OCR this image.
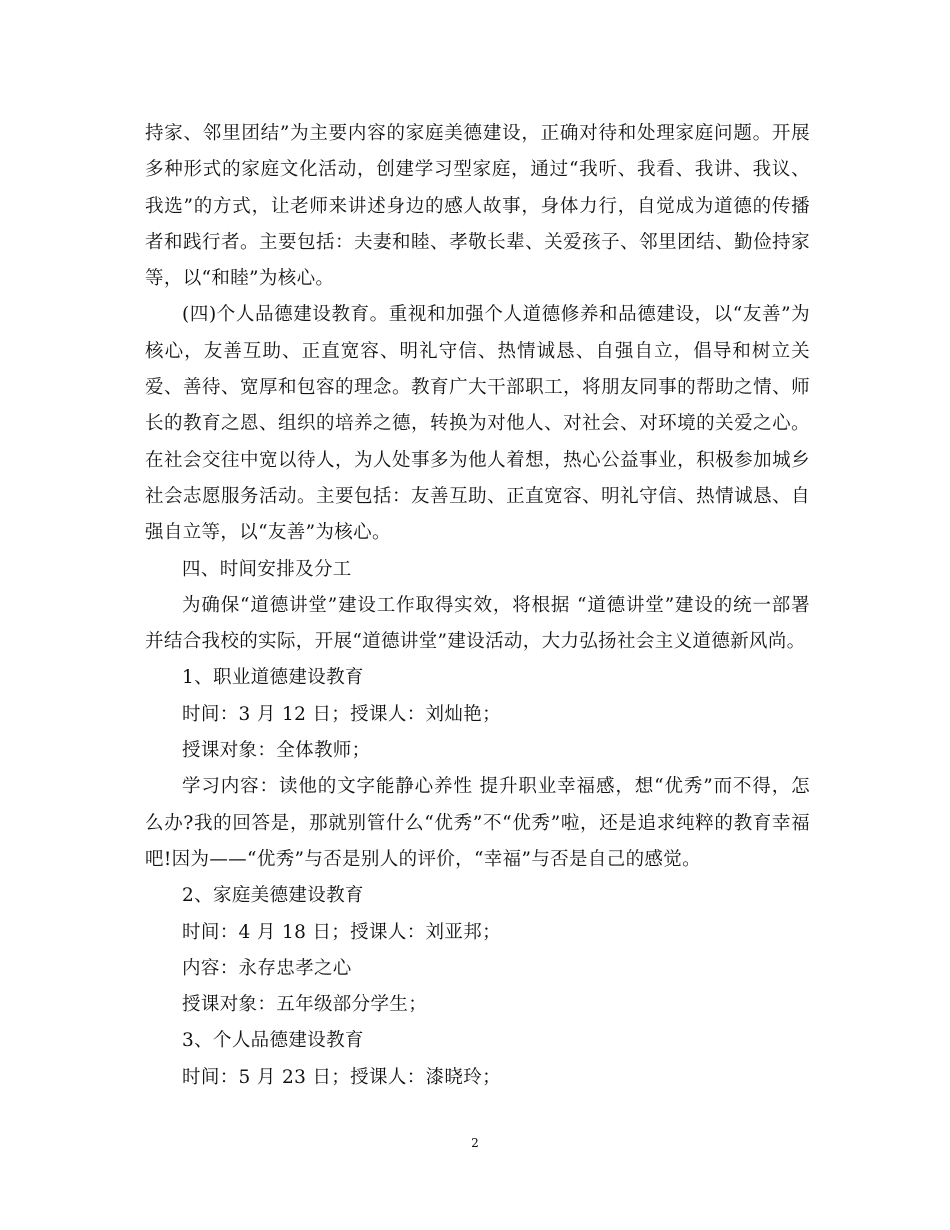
持家、邻里团结”为主要内容的家庭美德建设，正确对待和处理家庭问题。开展多种形式的家庭文化活动，创建学习型家庭，通过“我听、我看、我讲、我议、我选”的方式，让老师来讲述身边的感人故事，身体力行，自觉成为道德的传播者和践行者。主要包括：夫妻和睦、孝敬长辈、关爱孩子、邻里团结、勤俭持家等，以“和睦”为核心。

(四)个人品德建设教育。重视和加强个人道德修养和品德建设，以“友善”为核心，友善互助、正直宽容、明礼守信、热情诚恳、自强自立，倡导和树立关爱、善待、宽厚和包容的理念。教育广大干部职工，将朋友同事的帮助之情、师长的教育之恩、组织的培养之德，转换为对他人、对社会、对环境的关爱之心。在社会交往中宽以待人，为人处事多为他人着想，热心公益事业，积极参加城乡社会志愿服务活动。主要包括：友善互助、正直宽容、明礼守信、热情诚恳、自强自立等，以“友善”为核心。

四、时间安排及分工

为确保“道德讲堂”建设工作取得实效，将根据 “道德讲堂”建设的统一部署并结合我校的实际，开展“道德讲堂”建设活动，大力弘扬社会主义道德新风尚。

1、职业道德建设教育

时间：3 月 12 日；授课人：刘灿艳；

授课对象：全体教师；

学习内容：读他的文字能静心养性 提升职业幸福感，想“优秀”而不得，怎么办?我的回答是，那就别管什么“优秀”不“优秀”啦，还是追求纯粹的教育幸福吧!因为——“优秀”与否是别人的评价，“幸福”与否是自己的感觉。

2、家庭美德建设教育

时间：4 月 18 日；授课人：刘亚邦；

内容：永存忠孝之心

授课对象：五年级部分学生；

3、个人品德建设教育

时间：5 月 23 日；授课人：漆晓玲；

2
